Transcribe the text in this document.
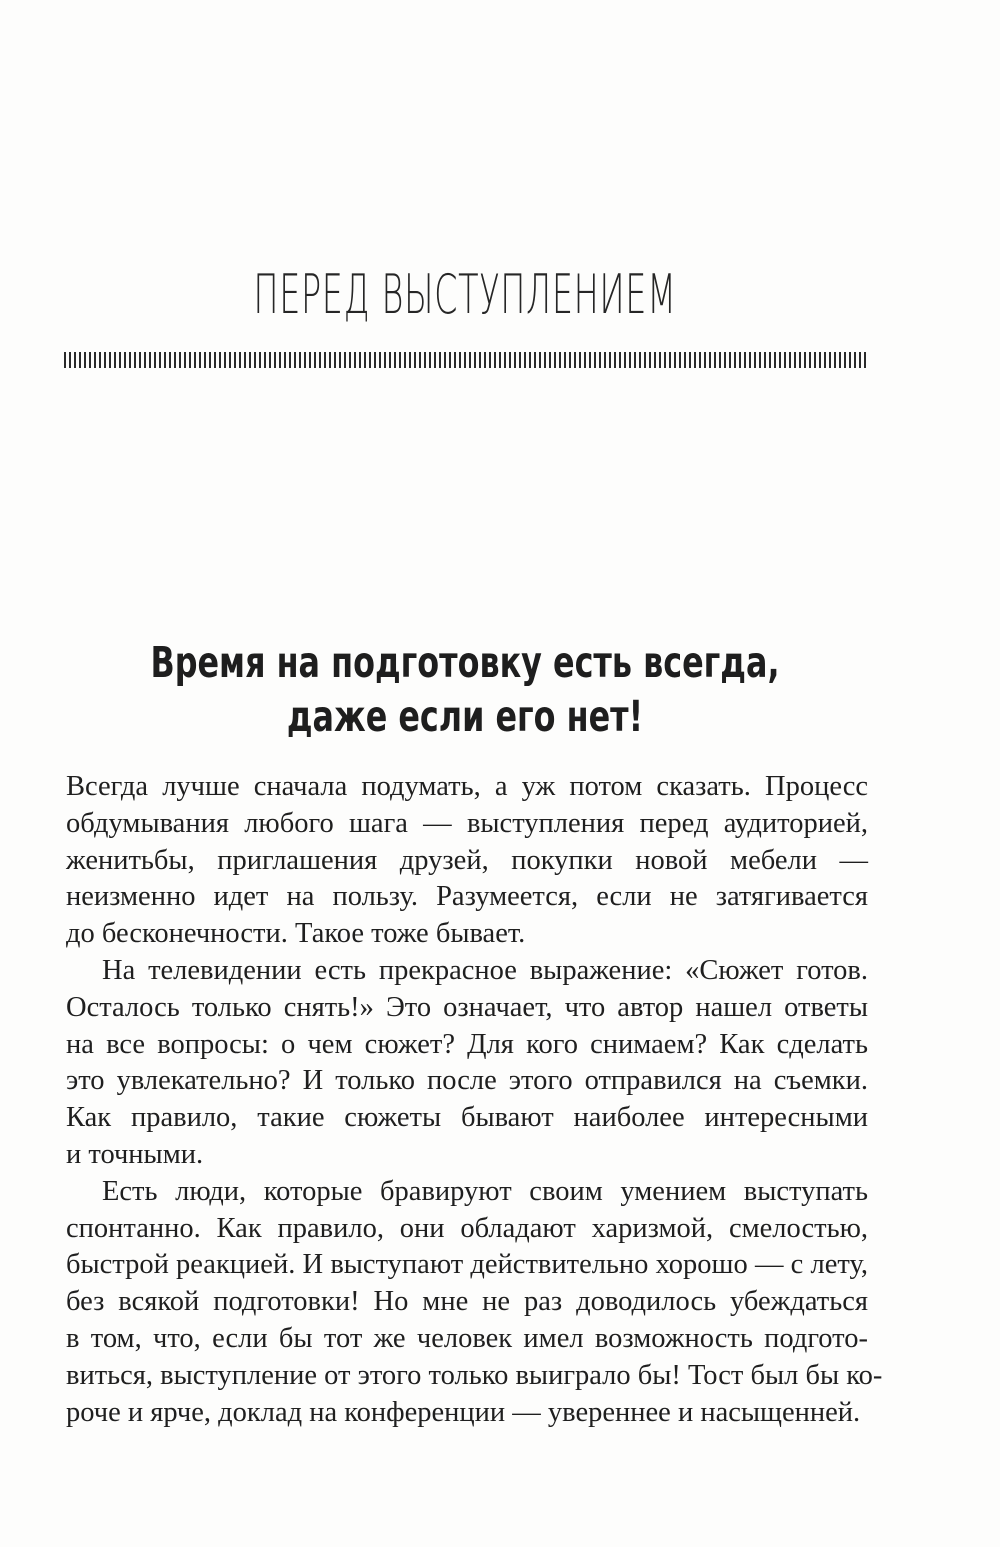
ПЕРЕД ВЫСТУПЛЕНИЕМ
Время на подготовку есть всегда,
даже если его нет!

Всегда лучше сначала подумать, а уж потом сказать. Процесс
обдумывания любого шага — выступления перед аудиторией,
женитьбы, приглашения друзей, покупки новой мебели —
неизменно идет на пользу. Разумеется, если не затягивается
до бесконечности. Такое тоже бывает.

На телевидении есть прекрасное выражение: «Сюжет готов.
Осталось только снять!» Это означает, что автор нашел ответы
на все вопросы: о чем сюжет? Для кого снимаем? Как сделать
это увлекательно? И только после этого отправился на съемки.
Как правило, такие сюжеты бывают наиболее интересными
и точными.

Есть люди, которые бравируют своим умением выступать
спонтанно. Как правило, они обладают харизмой, смелостью,
быстрой реакцией. И выступают действительно хорошо — с лету,
без всякой подготовки! Но мне не раз доводилось убеждаться
в том, что, если бы тот же человек имел возможность подгото-
виться, выступление от этого только выиграло бы! Тост был бы ко-
роче и ярче, доклад на конференции — увереннее и насыщенней.
